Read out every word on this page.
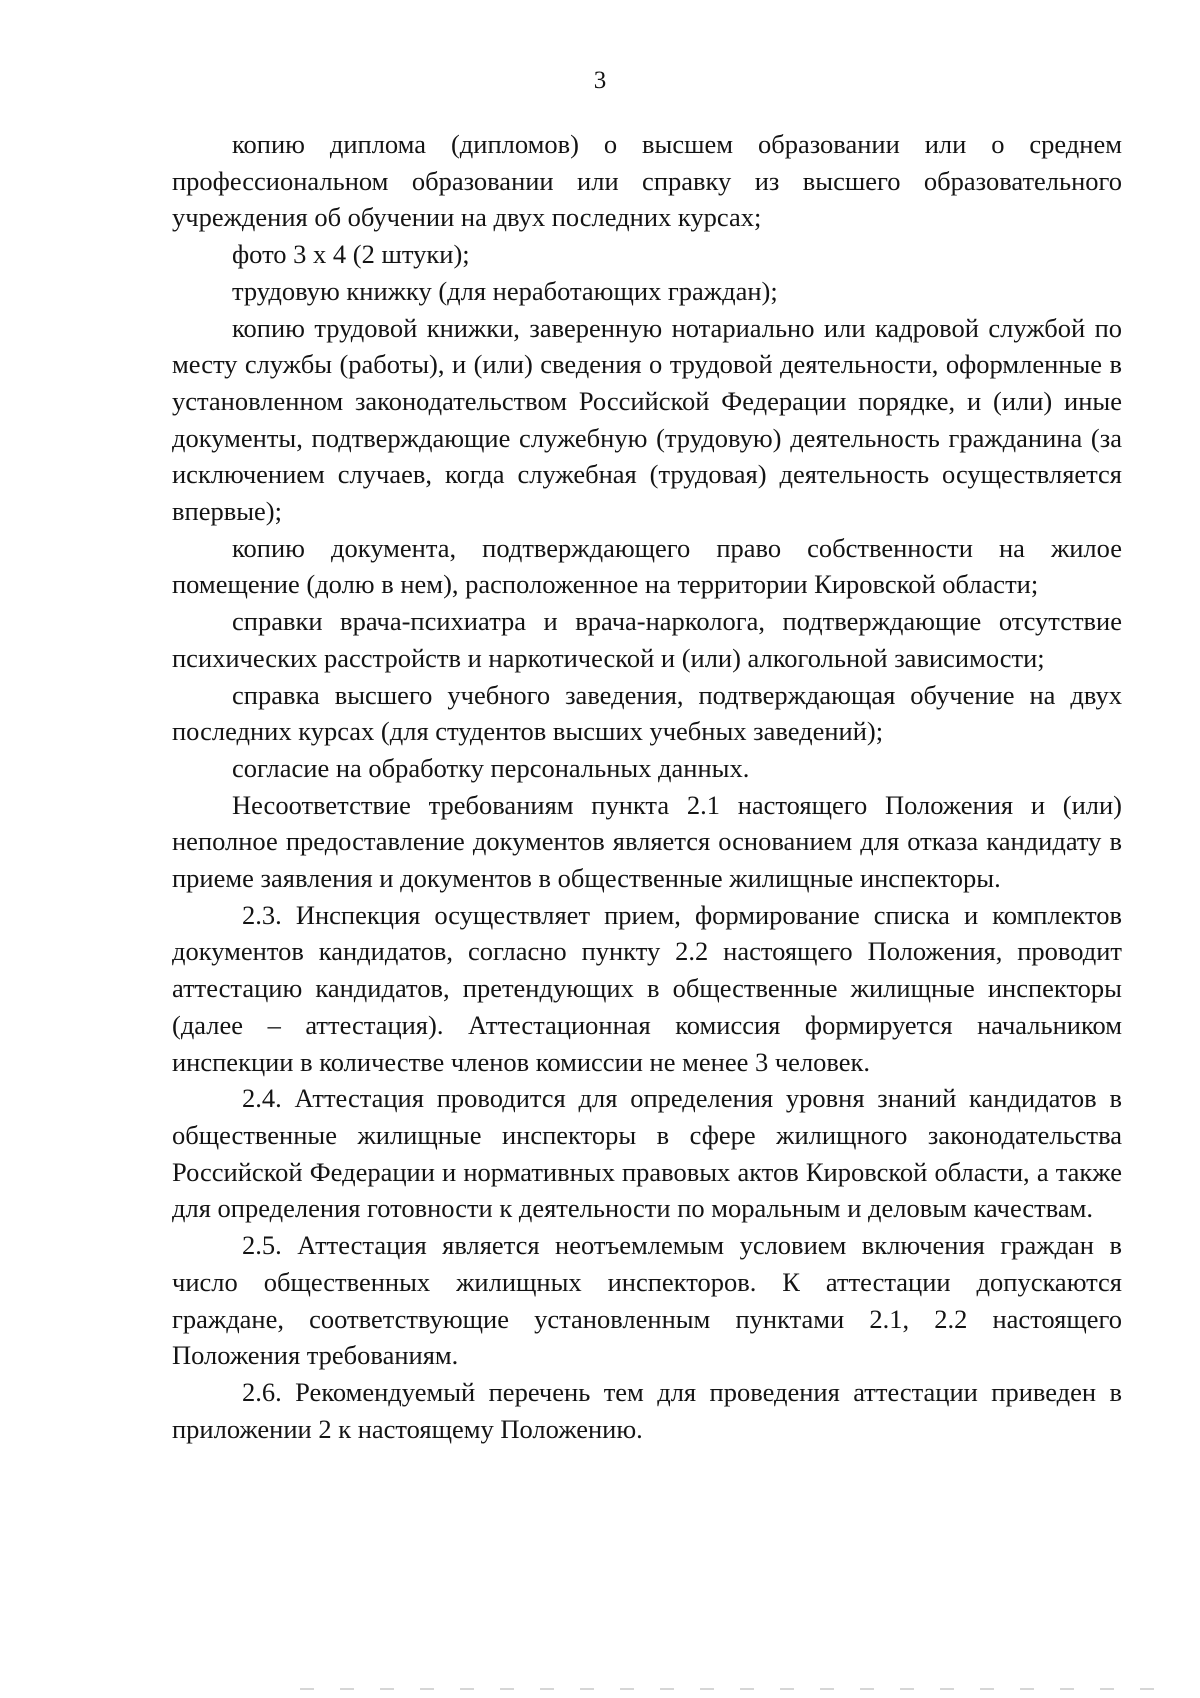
3

копию диплома (дипломов) о высшем образовании или о среднем профессиональном образовании или справку из высшего образовательного учреждения об обучении на двух последних курсах;

фото 3 х 4 (2 штуки);

трудовую книжку (для неработающих граждан);

копию трудовой книжки, заверенную нотариально или кадровой службой по месту службы (работы), и (или) сведения о трудовой деятельности, оформленные в установленном законодательством Российской Федерации порядке, и (или) иные документы, подтверждающие служебную (трудовую) деятельность гражданина (за исключением случаев, когда служебная (трудовая) деятельность осуществляется впервые);

копию документа, подтверждающего право собственности на жилое помещение (долю в нем), расположенное на территории Кировской области;

справки врача-психиатра и врача-нарколога, подтверждающие отсутствие психических расстройств и наркотической и (или) алкогольной зависимости;

справка высшего учебного заведения, подтверждающая обучение на двух последних курсах (для студентов высших учебных заведений);

согласие на обработку персональных данных.

Несоответствие требованиям пункта 2.1 настоящего Положения и (или) неполное предоставление документов является основанием для отказа кандидату в приеме заявления и документов в общественные жилищные инспекторы.

2.3. Инспекция осуществляет прием, формирование списка и комплектов документов кандидатов, согласно пункту 2.2 настоящего Положения, проводит аттестацию кандидатов, претендующих в общественные жилищные инспекторы (далее – аттестация). Аттестационная комиссия формируется начальником инспекции в количестве членов комиссии не менее 3 человек.

2.4. Аттестация проводится для определения уровня знаний кандидатов в общественные жилищные инспекторы в сфере жилищного законодательства Российской Федерации и нормативных правовых актов Кировской области, а также для определения готовности к деятельности по моральным и деловым качествам.

2.5. Аттестация является неотъемлемым условием включения граждан в число общественных жилищных инспекторов. К аттестации допускаются граждане, соответствующие установленным пунктами 2.1, 2.2 настоящего Положения требованиям.

2.6. Рекомендуемый перечень тем для проведения аттестации приведен в приложении 2 к настоящему Положению.
